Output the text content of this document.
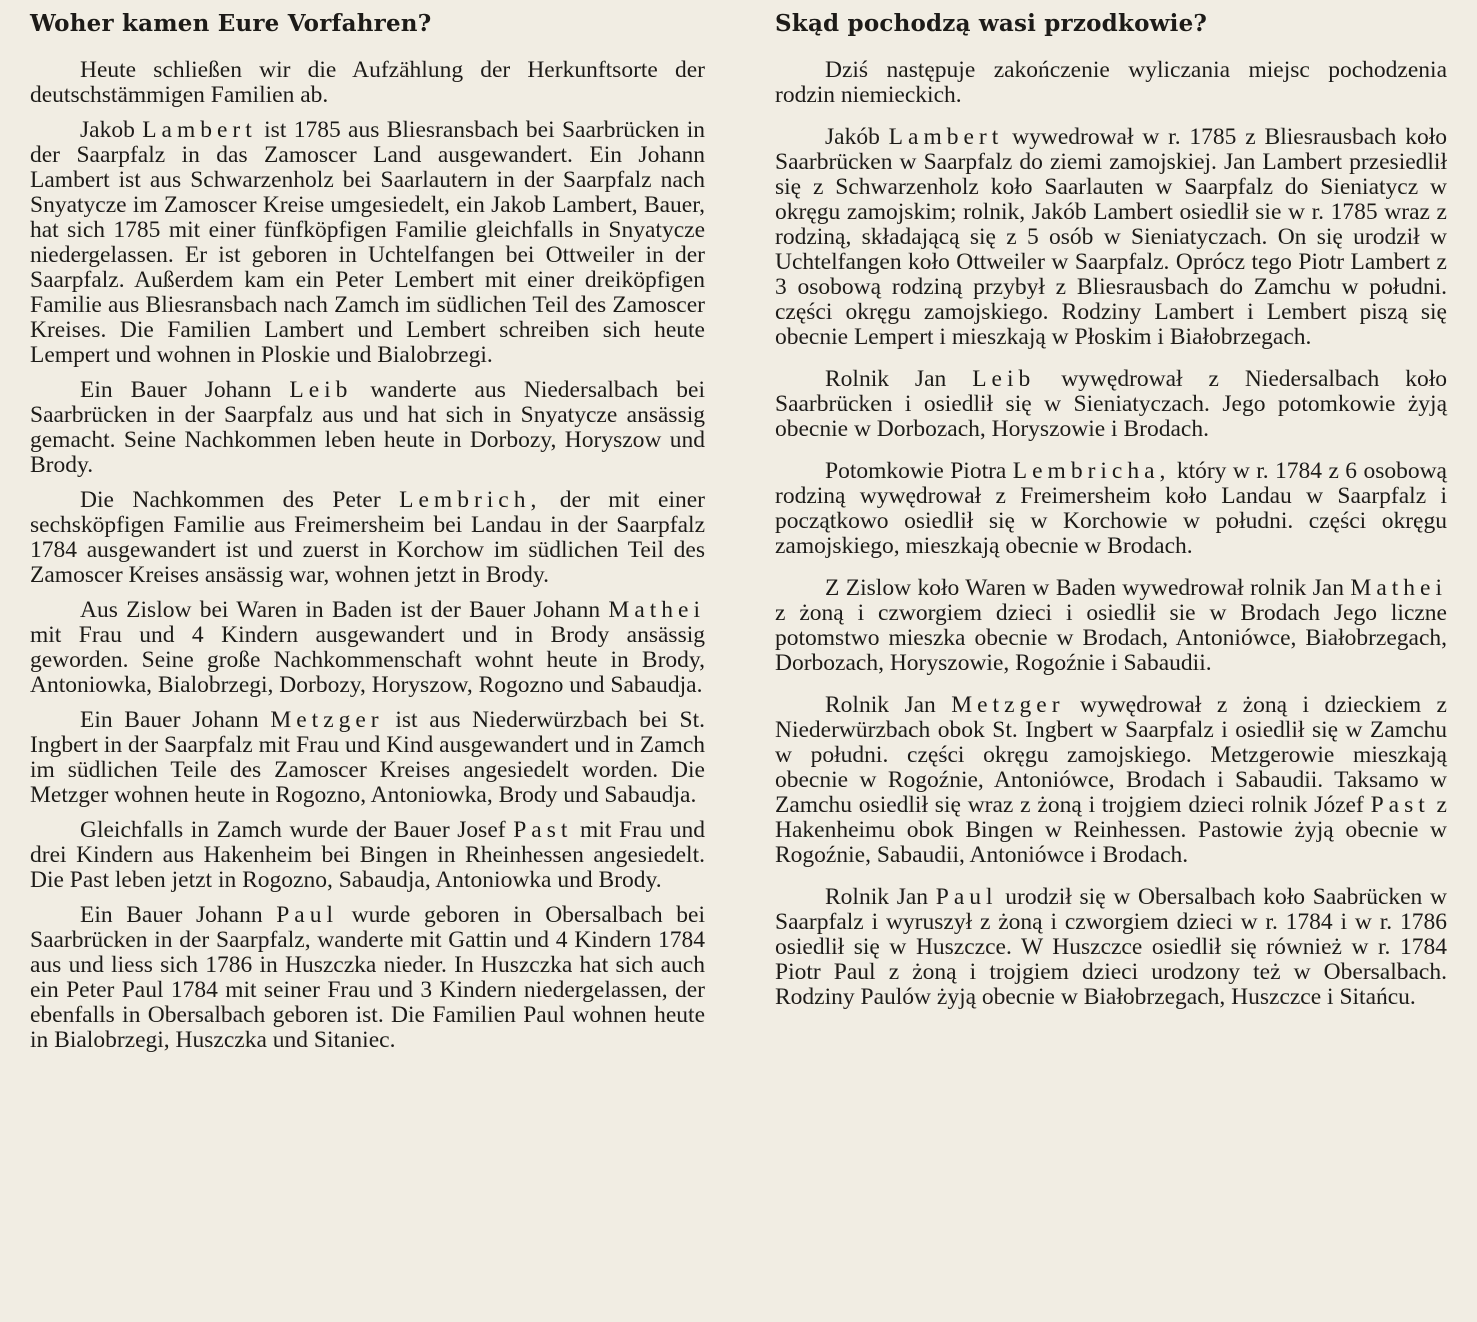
Woher kamen Eure Vorfahren?

Heute schließen wir die Aufzählung der Herkunftsorte der deutschstämmigen Familien ab.

Jakob Lambert ist 1785 aus Bliesransbach bei Saarbrücken in der Saarpfalz in das Zamoscer Land ausgewandert. Ein Johann Lambert ist aus Schwarzenholz bei Saarlautern in der Saarpfalz nach Snyatycze im Zamoscer Kreise umgesiedelt, ein Jakob Lambert, Bauer, hat sich 1785 mit einer fünfköpfigen Familie gleichfalls in Snyatycze niedergelassen. Er ist geboren in Uchtelfangen bei Ottweiler in der Saarpfalz. Außerdem kam ein Peter Lembert mit einer dreiköpfigen Familie aus Bliesransbach nach Zamch im südlichen Teil des Zamoscer Kreises. Die Familien Lambert und Lembert schreiben sich heute Lempert und wohnen in Ploskie und Bialobrzegi.

Ein Bauer Johann Leib wanderte aus Niedersalbach bei Saarbrücken in der Saarpfalz aus und hat sich in Snyatycze ansässig gemacht. Seine Nachkommen leben heute in Dorbozy, Horyszow und Brody.

Die Nachkommen des Peter Lembrich, der mit einer sechsköpfigen Familie aus Freimersheim bei Landau in der Saarpfalz 1784 ausgewandert ist und zuerst in Korchow im südlichen Teil des Zamoscer Kreises ansässig war, wohnen jetzt in Brody.

Aus Zislow bei Waren in Baden ist der Bauer Johann Mathei mit Frau und 4 Kindern ausgewandert und in Brody ansässig geworden. Seine große Nachkommenschaft wohnt heute in Brody, Antoniowka, Bialobrzegi, Dorbozy, Horyszow, Rogozno und Sabaudja.

Ein Bauer Johann Metzger ist aus Niederwürzbach bei St. Ingbert in der Saarpfalz mit Frau und Kind ausgewandert und in Zamch im südlichen Teile des Zamoscer Kreises angesiedelt worden. Die Metzger wohnen heute in Rogozno, Antoniowka, Brody und Sabaudja.

Gleichfalls in Zamch wurde der Bauer Josef Past mit Frau und drei Kindern aus Hakenheim bei Bingen in Rheinhessen angesiedelt. Die Past leben jetzt in Rogozno, Sabaudja, Antoniowka und Brody.

Ein Bauer Johann Paul wurde geboren in Obersalbach bei Saarbrücken in der Saarpfalz, wanderte mit Gattin und 4 Kindern 1784 aus und liess sich 1786 in Huszczka nieder. In Huszczka hat sich auch ein Peter Paul 1784 mit seiner Frau und 3 Kindern niedergelassen, der ebenfalls in Obersalbach geboren ist. Die Familien Paul wohnen heute in Bialobrzegi, Huszczka und Sitaniec.

Skąd pochodzą wasi przodkowie?

Dziś następuje zakończenie wyliczania miejsc pochodzenia rodzin niemieckich.

Jakób Lambert wywedrował w r. 1785 z Bliesrausbach koło Saarbrücken w Saarpfalz do ziemi zamojskiej. Jan Lambert przesiedlił się z Schwarzenholz koło Saarlauten w Saarpfalz do Sieniatycz w okręgu zamojskim; rolnik, Jakób Lambert osiedlił sie w r. 1785 wraz z rodziną, składającą się z 5 osób w Sieniatyczach. On się urodził w Uchtelfangen koło Ottweiler w Saarpfalz. Oprócz tego Piotr Lambert z 3 osobową rodziną przybył z Bliesrausbach do Zamchu w południ. części okręgu zamojskiego. Rodziny Lambert i Lembert piszą się obecnie Lempert i mieszkają w Płoskim i Białobrzegach.

Rolnik Jan Leib wywędrował z Niedersalbach koło Saarbrücken i osiedlił się w Sieniatyczach. Jego potomkowie żyją obecnie w Dorbozach, Horyszowie i Brodach.

Potomkowie Piotra Lembricha, który w r. 1784 z 6 osobową rodziną wywędrował z Freimersheim koło Landau w Saarpfalz i początkowo osiedlił się w Korchowie w południ. części okręgu zamojskiego, mieszkają obecnie w Brodach.

Z Zislow koło Waren w Baden wywedrował rolnik Jan Mathei z żoną i czworgiem dzieci i osiedlił sie w Brodach Jego liczne potomstwo mieszka obecnie w Brodach, Antoniówce, Białobrzegach, Dorbozach, Horyszowie, Rogoźnie i Sabaudii.

Rolnik Jan Metzger wywędrował z żoną i dzieckiem z Niederwürzbach obok St. Ingbert w Saarpfalz i osiedlił się w Zamchu w południ. części okręgu zamojskiego. Metzgerowie mieszkają obecnie w Rogoźnie, Antoniówce, Brodach i Sabaudii. Taksamo w Zamchu osiedlił się wraz z żoną i trojgiem dzieci rolnik Józef Past z Hakenheimu obok Bingen w Reinhessen. Pastowie żyją obecnie w Rogoźnie, Sabaudii, Antoniówce i Brodach.

Rolnik Jan Paul urodził się w Obersalbach koło Saabrücken w Saarpfalz i wyruszył z żoną i czworgiem dzieci w r. 1784 i w r. 1786 osiedlił się w Huszczce. W Huszczce osiedlił się również w r. 1784 Piotr Paul z żoną i trojgiem dzieci urodzony też w Obersalbach. Rodziny Paulów żyją obecnie w Białobrzegach, Huszczce i Sitańcu.
